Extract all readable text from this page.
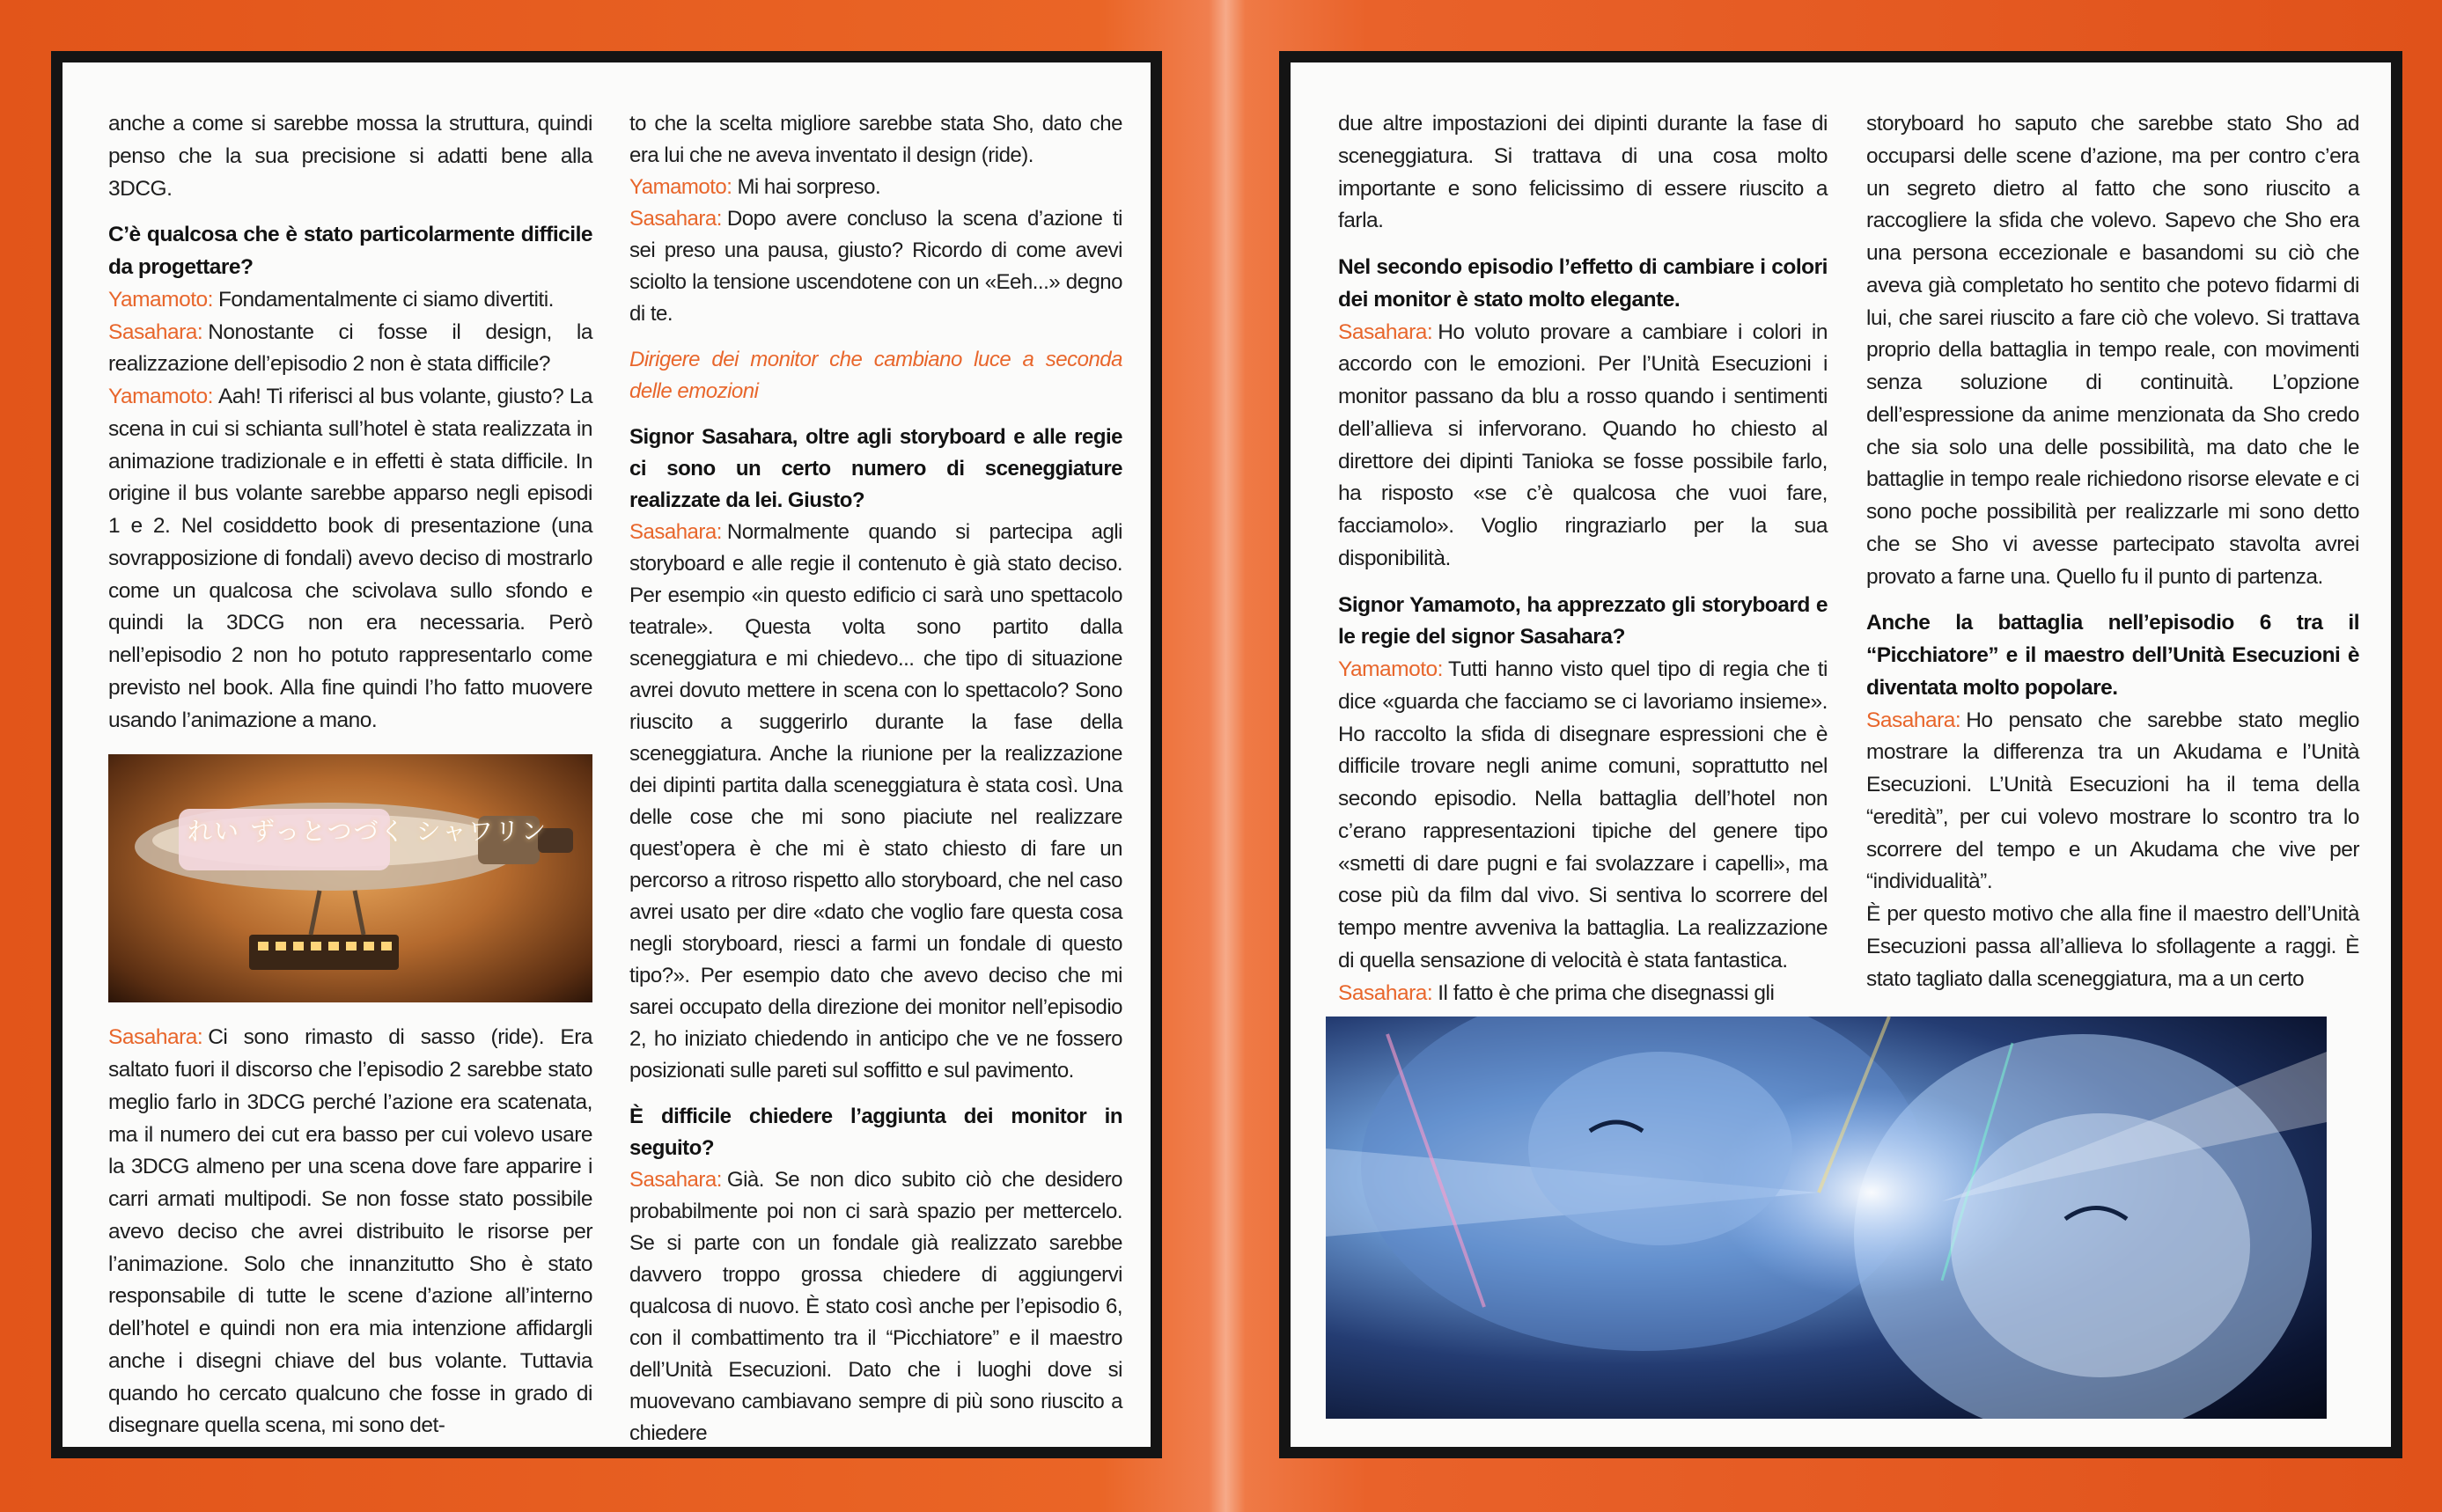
anche a come si sarebbe mossa la struttura, quindi penso che la sua precisione si adatti bene alla 3DCG.

C’è qualcosa che è stato particolarmente difficile da progettare?

Yamamoto: Fondamentalmente ci siamo divertiti.

Sasahara: Nonostante ci fosse il design, la realizzazione dell’episodio 2 non è stata difficile?

Yamamoto: Aah! Ti riferisci al bus volante, giusto? La scena in cui si schianta sull’hotel è stata realizzata in animazione tradizionale e in effetti è stata difficile. In origine il bus volante sarebbe apparso negli episodi 1 e 2. Nel cosiddetto book di presentazione (una sovrapposizione di fondali) avevo deciso di mostrarlo come un qualcosa che scivolava sullo sfondo e quindi la 3DCG non era necessaria. Però nell’episodio 2 non ho potuto rappresentarlo come previsto nel book. Alla fine quindi l’ho fatto muovere usando l’animazione a mano.

れい ずっとつづく シャワリン

Sasahara: Ci sono rimasto di sasso (ride). Era saltato fuori il discorso che l’episodio 2 sarebbe stato meglio farlo in 3DCG perché l’azione era scatenata, ma il numero dei cut era basso per cui volevo usare la 3DCG almeno per una scena dove fare apparire i carri armati multipodi. Se non fosse stato possibile avevo deciso che avrei distribuito le risorse per l’animazione. Solo che innanzitutto Sho è stato responsabile di tutte le scene d’azione all’interno dell’hotel e quindi non era mia intenzione affidargli anche i disegni chiave del bus volante. Tuttavia quando ho cercato qualcuno che fosse in grado di disegnare quella scena, mi sono det-

to che la scelta migliore sarebbe stata Sho, dato che era lui che ne aveva inventato il design (ride).

Yamamoto: Mi hai sorpreso.

Sasahara: Dopo avere concluso la scena d’azione ti sei preso una pausa, giusto? Ricordo di come avevi sciolto la tensione uscendotene con un «Eeh...» degno di te.

Dirigere dei monitor che cambiano luce a seconda delle emozioni

Signor Sasahara, oltre agli storyboard e alle regie ci sono un certo numero di sceneggiature realizzate da lei. Giusto?

Sasahara: Normalmente quando si partecipa agli storyboard e alle regie il contenuto è già stato deciso. Per esempio «in questo edificio ci sarà uno spettacolo teatrale». Questa volta sono partito dalla sceneggiatura e mi chiedevo... che tipo di situazione avrei dovuto mettere in scena con lo spettacolo? Sono riuscito a suggerirlo durante la fase della sceneggiatura. Anche la riunione per la realizzazione dei dipinti partita dalla sceneggiatura è stata così. Una delle cose che mi sono piaciute nel realizzare quest’opera è che mi è stato chiesto di fare un percorso a ritroso rispetto allo storyboard, che nel caso avrei usato per dire «dato che voglio fare questa cosa negli storyboard, riesci a farmi un fondale di questo tipo?». Per esempio dato che avevo deciso che mi sarei occupato della direzione dei monitor nell’episodio 2, ho iniziato chiedendo in anticipo che ve ne fossero posizionati sulle pareti sul soffitto e sul pavimento.

È difficile chiedere l’aggiunta dei monitor in seguito?

Sasahara: Già. Se non dico subito ciò che desidero probabilmente poi non ci sarà spazio per mettercelo. Se si parte con un fondale già realizzato sarebbe davvero troppo grossa chiedere di aggiungervi qualcosa di nuovo. È stato così anche per l’episodio 6, con il combattimento tra il “Picchiatore” e il maestro dell’Unità Esecuzioni. Dato che i luoghi dove si muovevano cambiavano sempre di più sono riuscito a chiedere

due altre impostazioni dei dipinti durante la fase di sceneggiatura. Si trattava di una cosa molto importante e sono felicissimo di essere riuscito a farla.

Nel secondo episodio l’effetto di cambiare i colori dei monitor è stato molto elegante.

Sasahara: Ho voluto provare a cambiare i colori in accordo con le emozioni. Per l’Unità Esecuzioni i monitor passano da blu a rosso quando i sentimenti dell’allieva si infervorano. Quando ho chiesto al direttore dei dipinti Tanioka se fosse possibile farlo, ha risposto «se c’è qualcosa che vuoi fare, facciamolo». Voglio ringraziarlo per la sua disponibilità.

Signor Yamamoto, ha apprezzato gli storyboard e le regie del signor Sasahara?

Yamamoto: Tutti hanno visto quel tipo di regia che ti dice «guarda che facciamo se ci lavoriamo insieme». Ho raccolto la sfida di disegnare espressioni che è difficile trovare negli anime comuni, soprattutto nel secondo episodio. Nella battaglia dell’hotel non c’erano rappresentazioni tipiche del genere tipo «smetti di dare pugni e fai svolazzare i capelli», ma cose più da film dal vivo. Si sentiva lo scorrere del tempo mentre avveniva la battaglia. La realizzazione di quella sensazione di velocità è stata fantastica.

Sasahara: Il fatto è che prima che disegnassi gli

storyboard ho saputo che sarebbe stato Sho ad occuparsi delle scene d’azione, ma per contro c’era un segreto dietro al fatto che sono riuscito a raccogliere la sfida che volevo. Sapevo che Sho era una persona eccezionale e basandomi su ciò che aveva già completato ho sentito che potevo fidarmi di lui, che sarei riuscito a fare ciò che volevo. Si trattava proprio della battaglia in tempo reale, con movimenti senza soluzione di continuità. L’opzione dell’espressione da anime menzionata da Sho credo che sia solo una delle possibilità, ma dato che le battaglie in tempo reale richiedono risorse elevate e ci sono poche possibilità per realizzarle mi sono detto che se Sho vi avesse partecipato stavolta avrei provato a farne una. Quello fu il punto di partenza.

Anche la battaglia nell’episodio 6 tra il “Picchiatore” e il maestro dell’Unità Esecuzioni è diventata molto popolare.

Sasahara: Ho pensato che sarebbe stato meglio mostrare la differenza tra un Akudama e l’Unità Esecuzioni. L’Unità Esecuzioni ha il tema della “eredità”, per cui volevo mostrare lo scontro tra lo scorrere del tempo e un Akudama che vive per “individualità”.

È per questo motivo che alla fine il maestro dell’Unità Esecuzioni passa all’allieva lo sfollagente a raggi. È stato tagliato dalla sceneggiatura, ma a un certo
